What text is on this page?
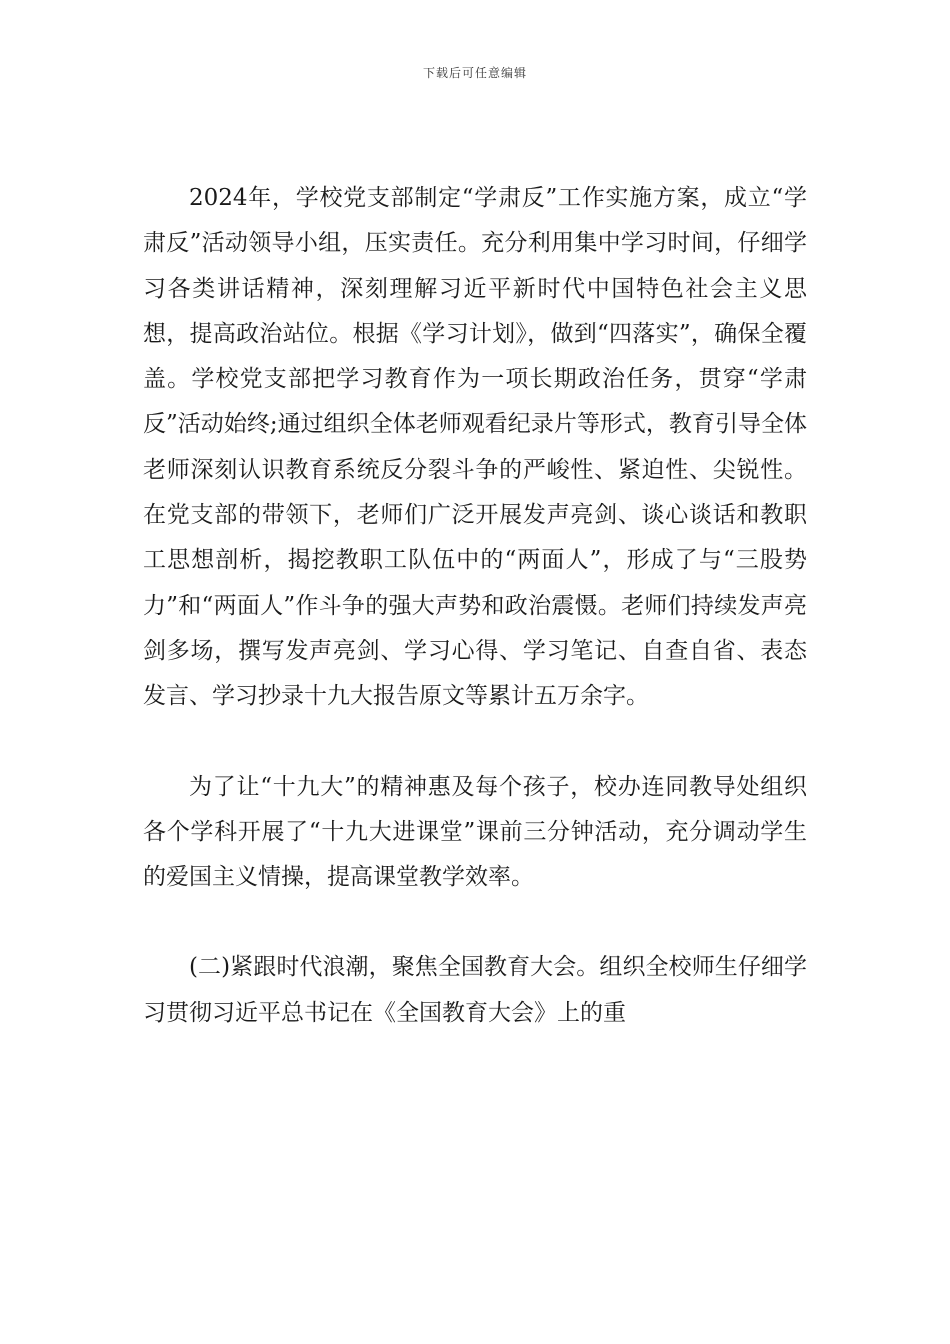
下载后可任意编辑

2024年，学校党支部制定“学肃反”工作实施方案，成立“学肃反”活动领导小组，压实责任。充分利用集中学习时间，仔细学习各类讲话精神，深刻理解习近平新时代中国特色社会主义思想，提高政治站位。根据《学习计划》，做到“四落实”，确保全覆盖。学校党支部把学习教育作为一项长期政治任务，贯穿“学肃反”活动始终;通过组织全体老师观看纪录片等形式，教育引导全体老师深刻认识教育系统反分裂斗争的严峻性、紧迫性、尖锐性。在党支部的带领下，老师们广泛开展发声亮剑、谈心谈话和教职工思想剖析，揭挖教职工队伍中的“两面人”，形成了与“三股势力”和“两面人”作斗争的强大声势和政治震慑。老师们持续发声亮剑多场，撰写发声亮剑、学习心得、学习笔记、自查自省、表态发言、学习抄录十九大报告原文等累计五万余字。

为了让“十九大”的精神惠及每个孩子，校办连同教导处组织各个学科开展了“十九大进课堂”课前三分钟活动，充分调动学生的爱国主义情操，提高课堂教学效率。

(二)紧跟时代浪潮，聚焦全国教育大会。组织全校师生仔细学习贯彻习近平总书记在《全国教育大会》上的重
